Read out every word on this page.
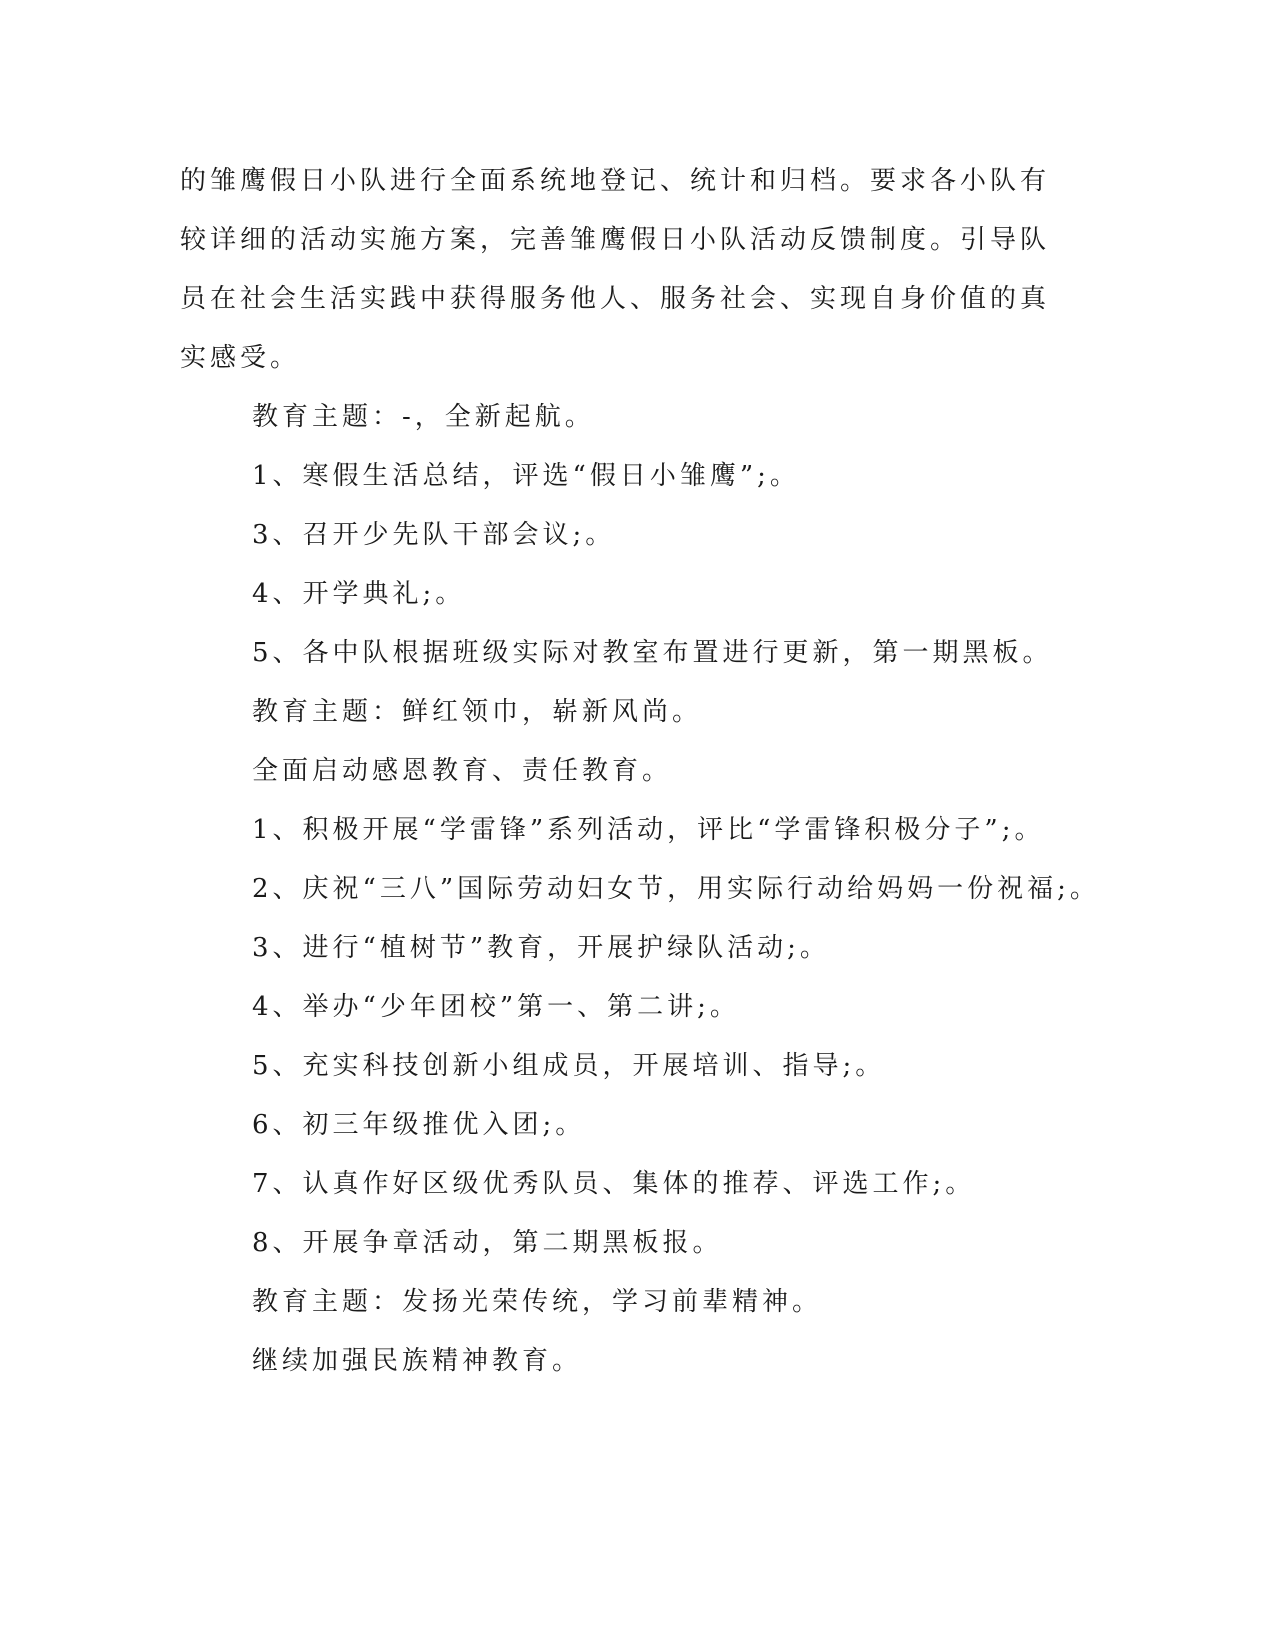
的雏鹰假日小队进行全面系统地登记、统计和归档。要求各小队有较详细的活动实施方案，完善雏鹰假日小队活动反馈制度。引导队员在社会生活实践中获得服务他人、服务社会、实现自身价值的真实感受。

教育主题：-，全新起航。

1、寒假生活总结，评选“假日小雏鹰”;。

3、召开少先队干部会议;。

4、开学典礼;。

5、各中队根据班级实际对教室布置进行更新，第一期黑板。

教育主题：鲜红领巾，崭新风尚。

全面启动感恩教育、责任教育。

1、积极开展“学雷锋”系列活动，评比“学雷锋积极分子”;。

2、庆祝“三八”国际劳动妇女节，用实际行动给妈妈一份祝福;。

3、进行“植树节”教育，开展护绿队活动;。

4、举办“少年团校”第一、第二讲;。

5、充实科技创新小组成员，开展培训、指导;。

6、初三年级推优入团;。

7、认真作好区级优秀队员、集体的推荐、评选工作;。

8、开展争章活动，第二期黑板报。

教育主题：发扬光荣传统，学习前辈精神。

继续加强民族精神教育。
